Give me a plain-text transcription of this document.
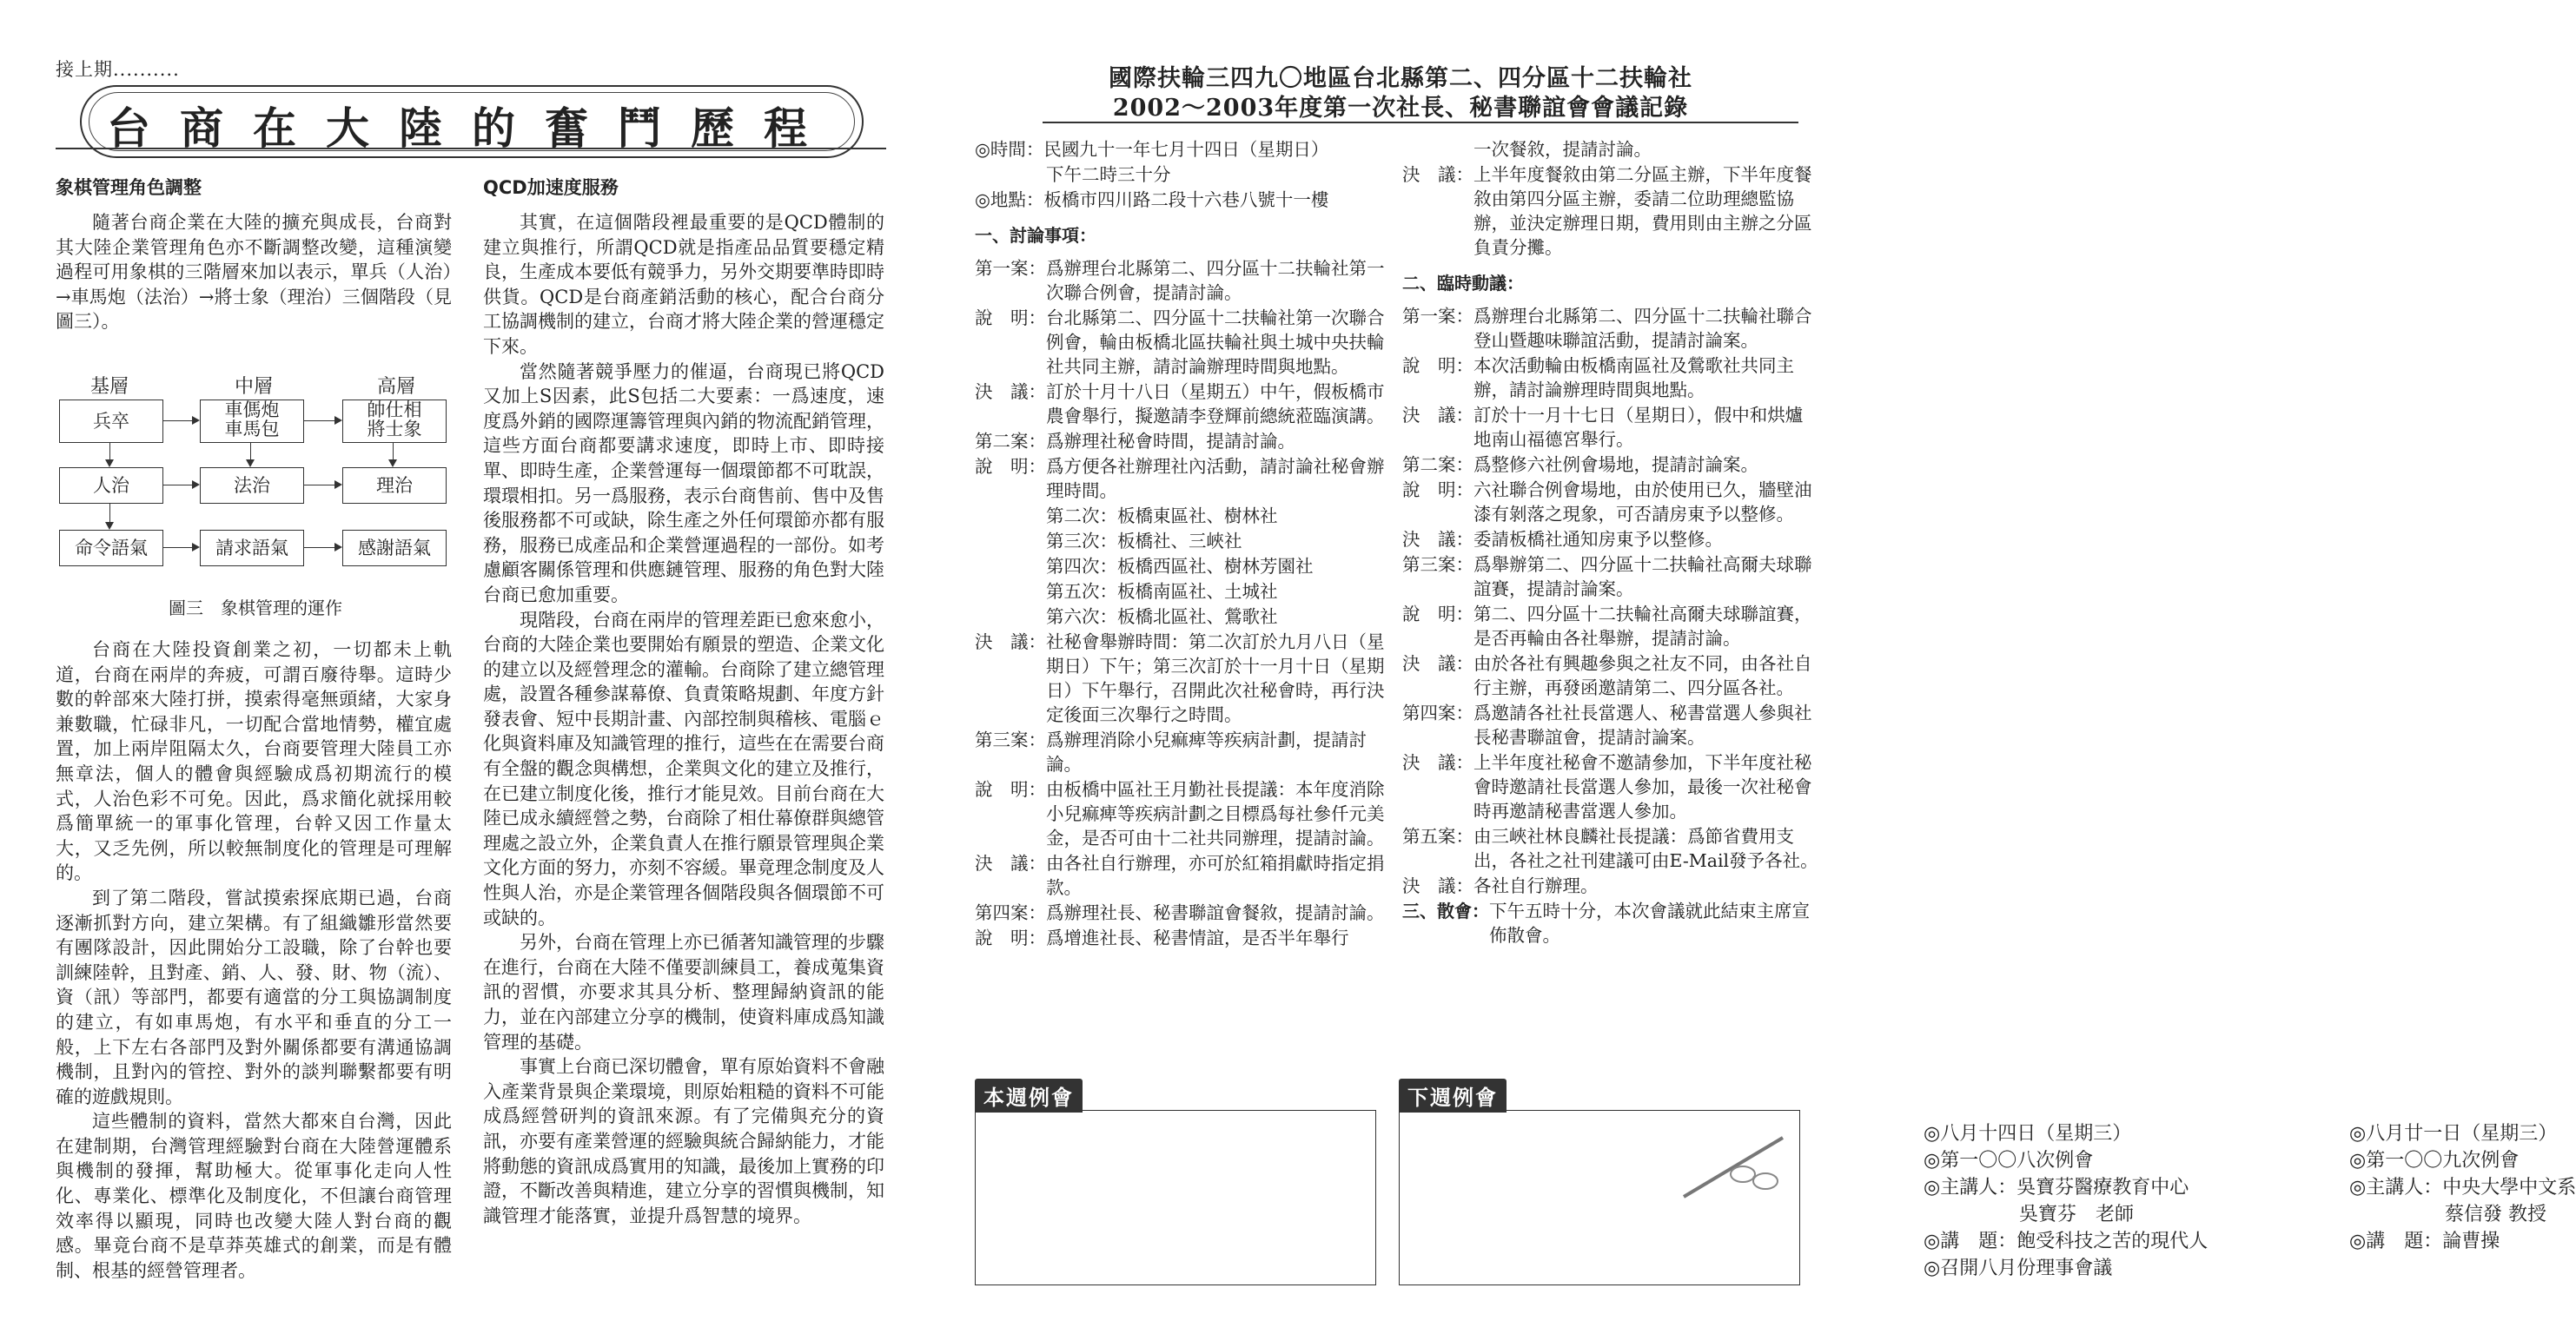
接上期..........
台商在大陸的奮鬥歷程
象棋管理角色調整

隨著台商企業在大陸的擴充與成長，台商對其大陸企業管理角色亦不斷調整改變，這種演變過程可用象棋的三階層來加以表示，單兵（人治）→車馬炮（法治）→將士象（理治）三個階段（見圖三）。

基層	中層	高層
兵卒
車傌炮
車馬包
帥仕相
將士象
人治	法治	理治
命令語氣	請求語氣	感謝語氣
圖三　象棋管理的運作

台商在大陸投資創業之初，一切都未上軌道，台商在兩岸的奔疲，可謂百廢待舉。這時少數的幹部來大陸打拼，摸索得毫無頭緒，大家身兼數職，忙碌非凡，一切配合當地情勢，權宜處置，加上兩岸阻隔太久，台商要管理大陸員工亦無章法，個人的體會與經驗成爲初期流行的模式，人治色彩不可免。因此，爲求簡化就採用較爲簡單統一的軍事化管理，台幹又因工作量太大，又乏先例，所以較無制度化的管理是可理解的。

到了第二階段，嘗試摸索探底期已過，台商逐漸抓對方向，建立架構。有了組織雛形當然要有團隊設計，因此開始分工設職，除了台幹也要訓練陸幹，且對產、銷、人、發、財、物（流）、資（訊）等部門，都要有適當的分工與協調制度的建立，有如車馬炮，有水平和垂直的分工一般，上下左右各部門及對外關係都要有溝通協調機制，且對內的管控、對外的談判聯繫都要有明確的遊戲規則。

這些體制的資料，當然大都來自台灣，因此在建制期，台灣管理經驗對台商在大陸營運體系與機制的發揮，幫助極大。從軍事化走向人性化、專業化、標準化及制度化，不但讓台商管理效率得以顯現，同時也改變大陸人對台商的觀感。畢竟台商不是草莽英雄式的創業，而是有體制、根基的經營管理者。

QCD加速度服務

其實，在這個階段裡最重要的是QCD體制的建立與推行，所謂QCD就是指產品品質要穩定精良，生產成本要低有競爭力，另外交期要準時即時供貨。QCD是台商產銷活動的核心，配合台商分工協調機制的建立，台商才將大陸企業的營運穩定下來。

當然隨著競爭壓力的催逼，台商現已將QCD又加上S因素，此S包括二大要素：一爲速度，速度爲外銷的國際運籌管理與內銷的物流配銷管理，這些方面台商都要講求速度，即時上市、即時接單、即時生產，企業營運每一個環節都不可耽誤，環環相扣。另一爲服務，表示台商售前、售中及售後服務都不可或缺，除生產之外任何環節亦都有服務，服務已成產品和企業營運過程的一部份。如考慮顧客關係管理和供應鏈管理、服務的角色對大陸台商已愈加重要。

現階段，台商在兩岸的管理差距已愈來愈小，台商的大陸企業也要開始有願景的塑造、企業文化的建立以及經營理念的灌輸。台商除了建立總管理處，設置各種參謀幕僚、負責策略規劃、年度方針發表會、短中長期計畫、內部控制與稽核、電腦ｅ化與資料庫及知識管理的推行，這些在在需要台商有全盤的觀念與構想，企業與文化的建立及推行，在已建立制度化後，推行才能見效。目前台商在大陸已成永續經營之勢，台商除了相仕幕僚群與總管理處之設立外，企業負責人在推行願景管理與企業文化方面的努力，亦刻不容緩。畢竟理念制度及人性與人治，亦是企業管理各個階段與各個環節不可或缺的。

另外，台商在管理上亦已循著知識管理的步驟在進行，台商在大陸不僅要訓練員工，養成蒐集資訊的習慣，亦要求其具分析、整理歸納資訊的能力，並在內部建立分享的機制，使資料庫成爲知識管理的基礎。

事實上台商已深切體會，單有原始資料不會融入產業背景與企業環境，則原始粗糙的資料不可能成爲經營研判的資訊來源。有了完備與充分的資訊，亦要有產業營運的經驗與統合歸納能力，才能將動態的資訊成爲實用的知識，最後加上實務的印證，不斷改善與精進，建立分享的習慣與機制，知識管理才能落實，並提升爲智慧的境界。

國際扶輪三四九〇地區台北縣第二、四分區十二扶輪社
2002〜2003年度第一次社長、秘書聯誼會會議記錄
◎時間： 民國九十一年七月十四日（星期日）

下午二時三十分
◎地點： 板橋市四川路二段十六巷八號十一樓
一、討論事項：
第一案： 爲辦理台北縣第二、四分區十二扶輪社第一次聯合例會，提請討論。
說　明： 台北縣第二、四分區十二扶輪社第一次聯合例會，輪由板橋北區扶輪社與土城中央扶輪社共同主辦，請討論辦理時間與地點。
決　議： 訂於十月十八日（星期五）中午，假板橋市農會舉行，擬邀請李登輝前總統蒞臨演講。
第二案： 爲辦理社秘會時間，提請討論。
說　明： 爲方便各社辦理社內活動，請討論社秘會辦理時間。

第二次：板橋東區社、樹林社

第三次：板橋社、三峽社

第四次：板橋西區社、樹林芳園社

第五次：板橋南區社、土城社

第六次：板橋北區社、鶯歌社
決　議： 社秘會舉辦時間：第二次訂於九月八日（星期日）下午；第三次訂於十一月十日（星期日）下午舉行，召開此次社秘會時，再行決定後面三次舉行之時間。
第三案： 爲辦理消除小兒痲痺等疾病計劃，提請討論。
說　明： 由板橋中區社王月勤社長提議：本年度消除小兒痲痺等疾病計劃之目標爲每社參仟元美金，是否可由十二社共同辦理，提請討論。
決　議： 由各社自行辦理，亦可於紅箱捐獻時指定捐款。
第四案： 爲辦理社長、秘書聯誼會餐敘，提請討論。
說　明： 爲增進社長、秘書情誼，是否半年舉行

一次餐敘，提請討論。
決　議： 上半年度餐敘由第二分區主辦，下半年度餐敘由第四分區主辦，委請二位助理總監協辦，並決定辦理日期，費用則由主辦之分區負責分攤。
二、臨時動議：
第一案： 爲辦理台北縣第二、四分區十二扶輪社聯合登山暨趣味聯誼活動，提請討論案。
說　明： 本次活動輪由板橋南區社及鶯歌社共同主辦，請討論辦理時間與地點。
決　議： 訂於十一月十七日（星期日），假中和烘爐地南山福德宮舉行。
第二案： 爲整修六社例會場地，提請討論案。
說　明： 六社聯合例會場地，由於使用已久，牆壁油漆有剝落之現象，可否請房東予以整修。
決　議： 委請板橋社通知房東予以整修。
第三案： 爲舉辦第二、四分區十二扶輪社高爾夫球聯誼賽，提請討論案。
說　明： 第二、四分區十二扶輪社高爾夫球聯誼賽，是否再輪由各社舉辦，提請討論。
決　議： 由於各社有興趣參與之社友不同，由各社自行主辦，再發函邀請第二、四分區各社。
第四案： 爲邀請各社社長當選人、秘書當選人參與社長秘書聯誼會，提請討論案。
決　議： 上半年度社秘會不邀請參加，下半年度社秘會時邀請社長當選人參加，最後一次社秘會時再邀請秘書當選人參加。
第五案： 由三峽社林良麟社長提議：爲節省費用支出，各社之社刊建議可由E-Mail發予各社。
決　議： 各社自行辦理。
三、散會： 下午五時十分，本次會議就此結束主席宣佈散會。
本週例會
◎八月十四日（星期三）
◎第一〇〇八次例會
◎主講人：吳寶芬醫療教育中心
　　　　　吳寶芬　老師
◎講　題：飽受科技之苦的現代人
◎召開八月份理事會議
下週例會
◎八月廿一日（星期三）
◎第一〇〇九次例會
◎主講人：中央大學中文系
　　　　　蔡信發 教授
◎講　題：論曹操
